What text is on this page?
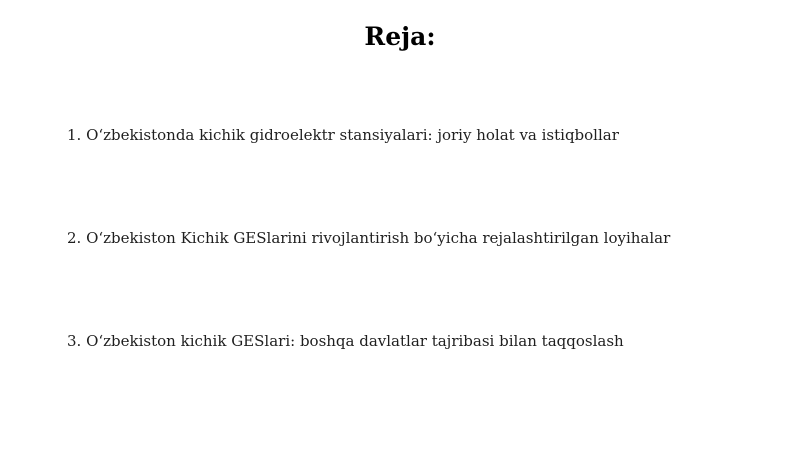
Reja:
1. O‘zbekistonda kichik gidroelektr stansiyalari: joriy holat va istiqbollar
2. O‘zbekiston Kichik GESlarini rivojlantirish bo‘yicha rejalashtirilgan loyihalar
3. O‘zbekiston kichik GESlari: boshqa davlatlar tajribasi bilan taqqoslash
